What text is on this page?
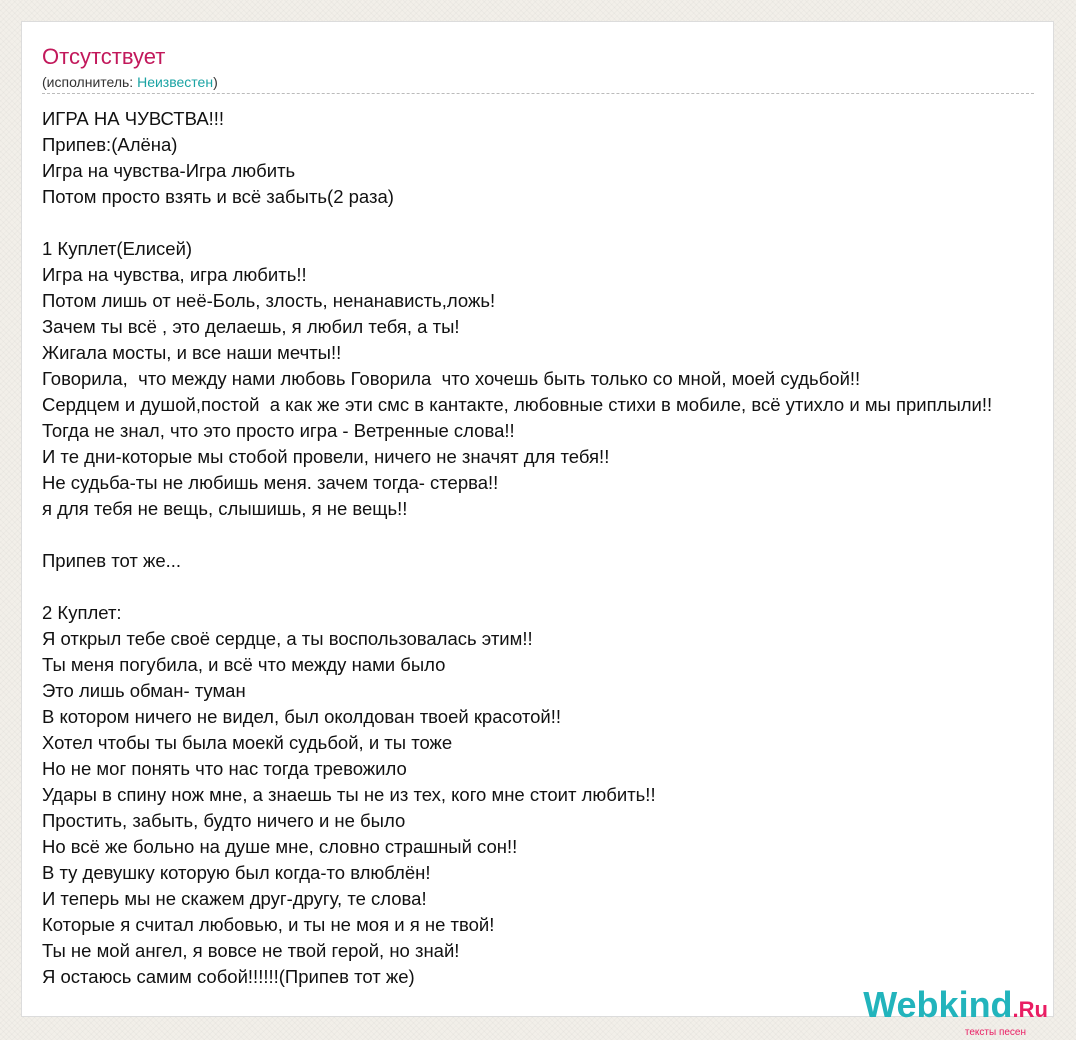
Отсутствует
(исполнитель: Неизвестен)
ИГРА НА ЧУВСТВА!!!
Припев:(Алёна)
Игра на чувства-Игра любить
Потом просто взять и всё забыть(2 раза)

1 Куплет(Елисей)
Игра на чувства, игра любить!!
Потом лишь от неё-Боль, злость, ненанависть,ложь!
Зачем ты всё , это делаешь, я любил тебя, а ты!
Жигала мосты, и все наши мечты!!
Говорила,  что между нами любовь Говорила  что хочешь быть только со мной, моей судьбой!!
Сердцем и душой,постой  а как же эти смс в кантакте, любовные стихи в мобиле, всё утихло и мы приплыли!!
Тогда не знал, что это просто игра - Ветренные слова!!
И те дни-которые мы стобой провели, ничего не значят для тебя!!
Не судьба-ты не любишь меня. зачем тогда- стерва!!
я для тебя не вещь, слышишь, я не вещь!!

Припев тот же...

2 Куплет:
Я открыл тебе своё сердце, а ты воспользовалась этим!!
Ты меня погубила, и всё что между нами было
Это лишь обман- туман
В котором ничего не видел, был околдован твоей красотой!!
Хотел чтобы ты была моекй судьбой, и ты тоже
Но не мог понять что нас тогда тревожило
Удары в спину нож мне, а знаешь ты не из тех, кого мне стоит любить!!
Простить, забыть, будто ничего и не было
Но всё же больно на душе мне, словно страшный сон!!
В ту девушку которую был когда-то влюблён!
И теперь мы не скажем друг-другу, те слова!
Которые я считал любовью, и ты не моя и я не твой!
Ты не мой ангел, я вовсе не твой герой, но знай!
Я остаюсь самим собой!!!!!!(Припев тот же)
Webkind.Ru
тексты песен
